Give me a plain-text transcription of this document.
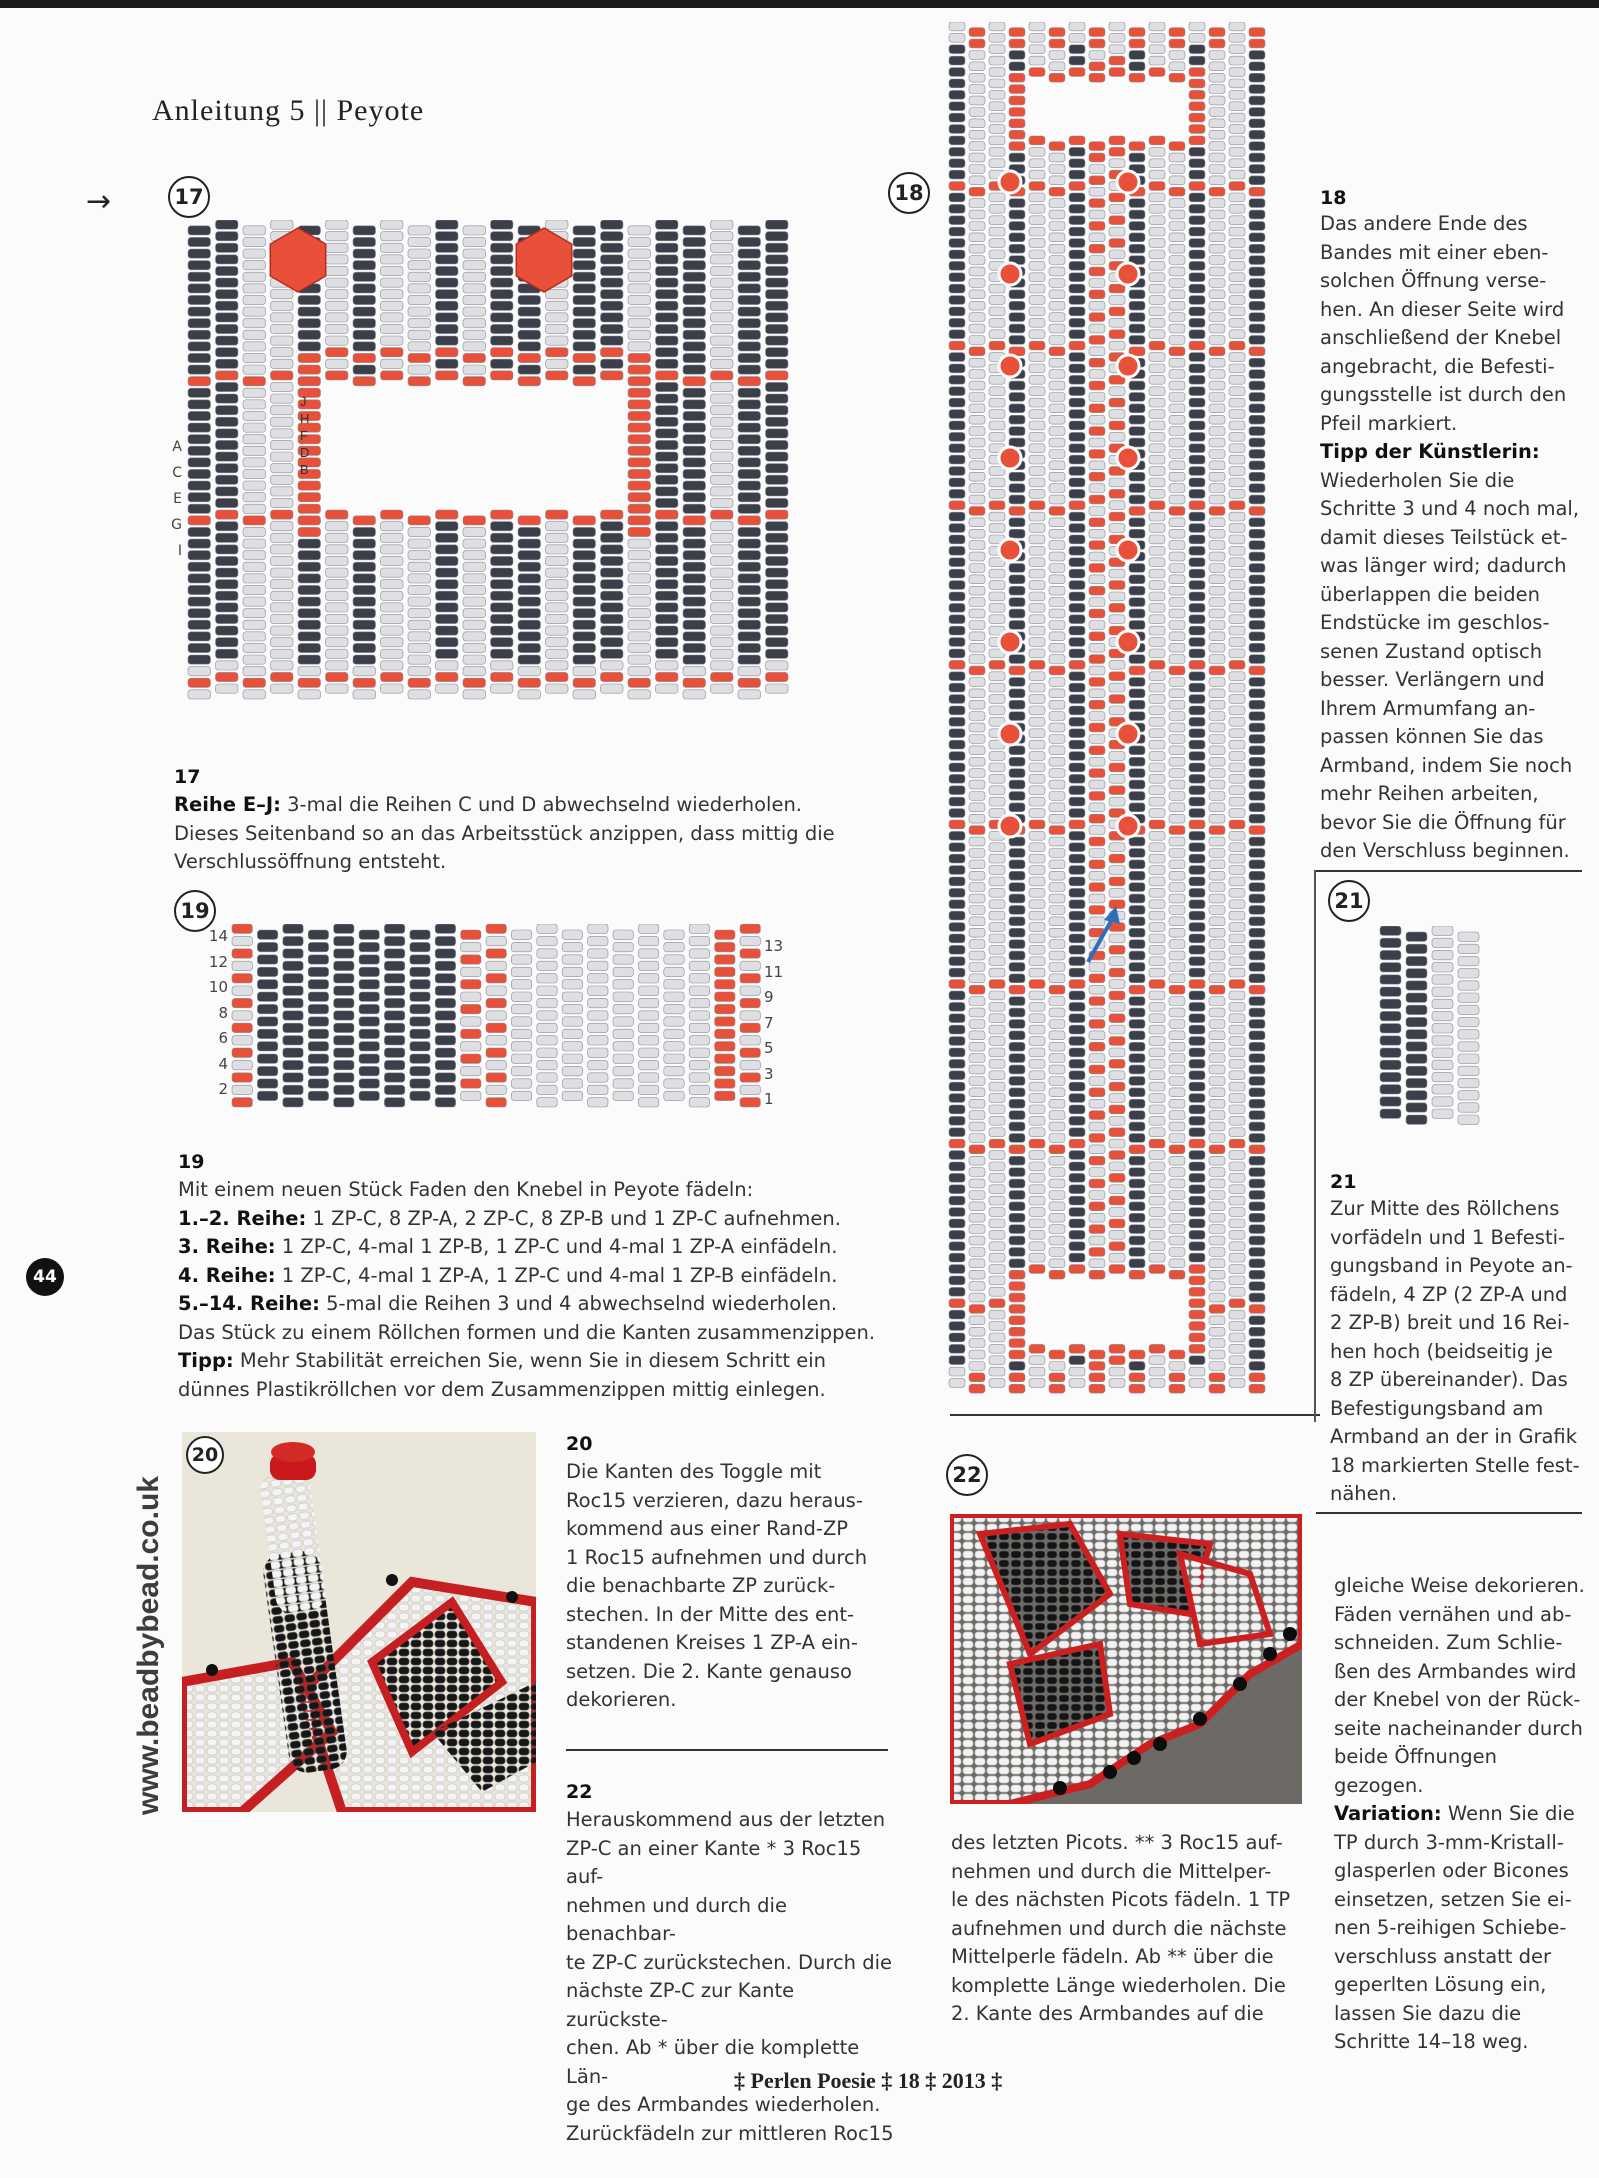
Anleitung 5 || Peyote
→	17
A
C
E
G
I
J
H
F
D
B
17

Reihe E–J: 3-mal die Reihen C und D abwechselnd wiederholen.

Dieses Seitenband so an das Arbeitsstück anzippen, dass mittig die

Verschlussöffnung entsteht.

19
14
12
10
8
6
4
2
13
11
9
7
5
3
1
19

Mit einem neuen Stück Faden den Knebel in Peyote fädeln:

1.–2. Reihe: 1 ZP-C, 8 ZP-A, 2 ZP-C, 8 ZP-B und 1 ZP-C aufnehmen.

3. Reihe: 1 ZP-C, 4-mal 1 ZP-B, 1 ZP-C und 4-mal 1 ZP-A einfädeln.

4. Reihe: 1 ZP-C, 4-mal 1 ZP-A, 1 ZP-C und 4-mal 1 ZP-B einfädeln.

5.–14. Reihe: 5-mal die Reihen 3 und 4 abwechselnd wiederholen.

Das Stück zu einem Röllchen formen und die Kanten zusammenzippen.

Tipp: Mehr Stabilität erreichen Sie, wenn Sie in diesem Schritt ein

dünnes Plastikröllchen vor dem Zusammenzippen mittig einlegen.

44
www.beadbybead.co.uk
20	20

Die Kanten des Toggle mit

Roc15 verzieren, dazu heraus-

kommend aus einer Rand-ZP

1 Roc15 aufnehmen und durch

die benachbarte ZP zurück-

stechen. In der Mitte des ent-

standenen Kreises 1 ZP-A ein-

setzen. Die 2. Kante genauso

dekorieren.

22

Herauskommend aus der letzten

ZP-C an einer Kante * 3 Roc15 auf-

nehmen und durch die benachbar-

te ZP-C zurückstechen. Durch die

nächste ZP-C zur Kante zurückste-

chen. Ab * über die komplette Län-

ge des Armbandes wiederholen.

Zurückfädeln zur mittleren Roc15

18
22

des letzten Picots. ** 3 Roc15 auf-

nehmen und durch die Mittelper-

le des nächsten Picots fädeln. 1 TP

aufnehmen und durch die nächste

Mittelperle fädeln. Ab ** über die

komplette Länge wiederholen. Die

2. Kante des Armbandes auf die

18

Das andere Ende des

Bandes mit einer eben-

solchen Öffnung verse-

hen. An dieser Seite wird

anschließend der Knebel

angebracht, die Befesti-

gungsstelle ist durch den

Pfeil markiert.

Tipp der Künstlerin:

Wiederholen Sie die

Schritte 3 und 4 noch mal,

damit dieses Teilstück et-

was länger wird; dadurch

überlappen die beiden

Endstücke im geschlos-

senen Zustand optisch

besser. Verlängern und

Ihrem Armumfang an-

passen können Sie das

Armband, indem Sie noch

mehr Reihen arbeiten,

bevor Sie die Öffnung für

den Verschluss beginnen.

21
21

Zur Mitte des Röllchens

vorfädeln und 1 Befesti-

gungsband in Peyote an-

fädeln, 4 ZP (2 ZP-A und

2 ZP-B) breit und 16 Rei-

hen hoch (beidseitig je

8 ZP übereinander). Das

Befestigungsband am

Armband an der in Grafik

18 markierten Stelle fest-

nähen.

gleiche Weise dekorieren.

Fäden vernähen und ab-

schneiden. Zum Schlie-

ßen des Armbandes wird

der Knebel von der Rück-

seite nacheinander durch

beide Öffnungen gezogen.

Variation: Wenn Sie die

TP durch 3-mm-Kristall-

glasperlen oder Bicones

einsetzen, setzen Sie ei-

nen 5-reihigen Schiebe-

verschluss anstatt der

geperlten Lösung ein,

lassen Sie dazu die

Schritte 14–18 weg.

‡ Perlen Poesie ‡ 18 ‡ 2013 ‡
